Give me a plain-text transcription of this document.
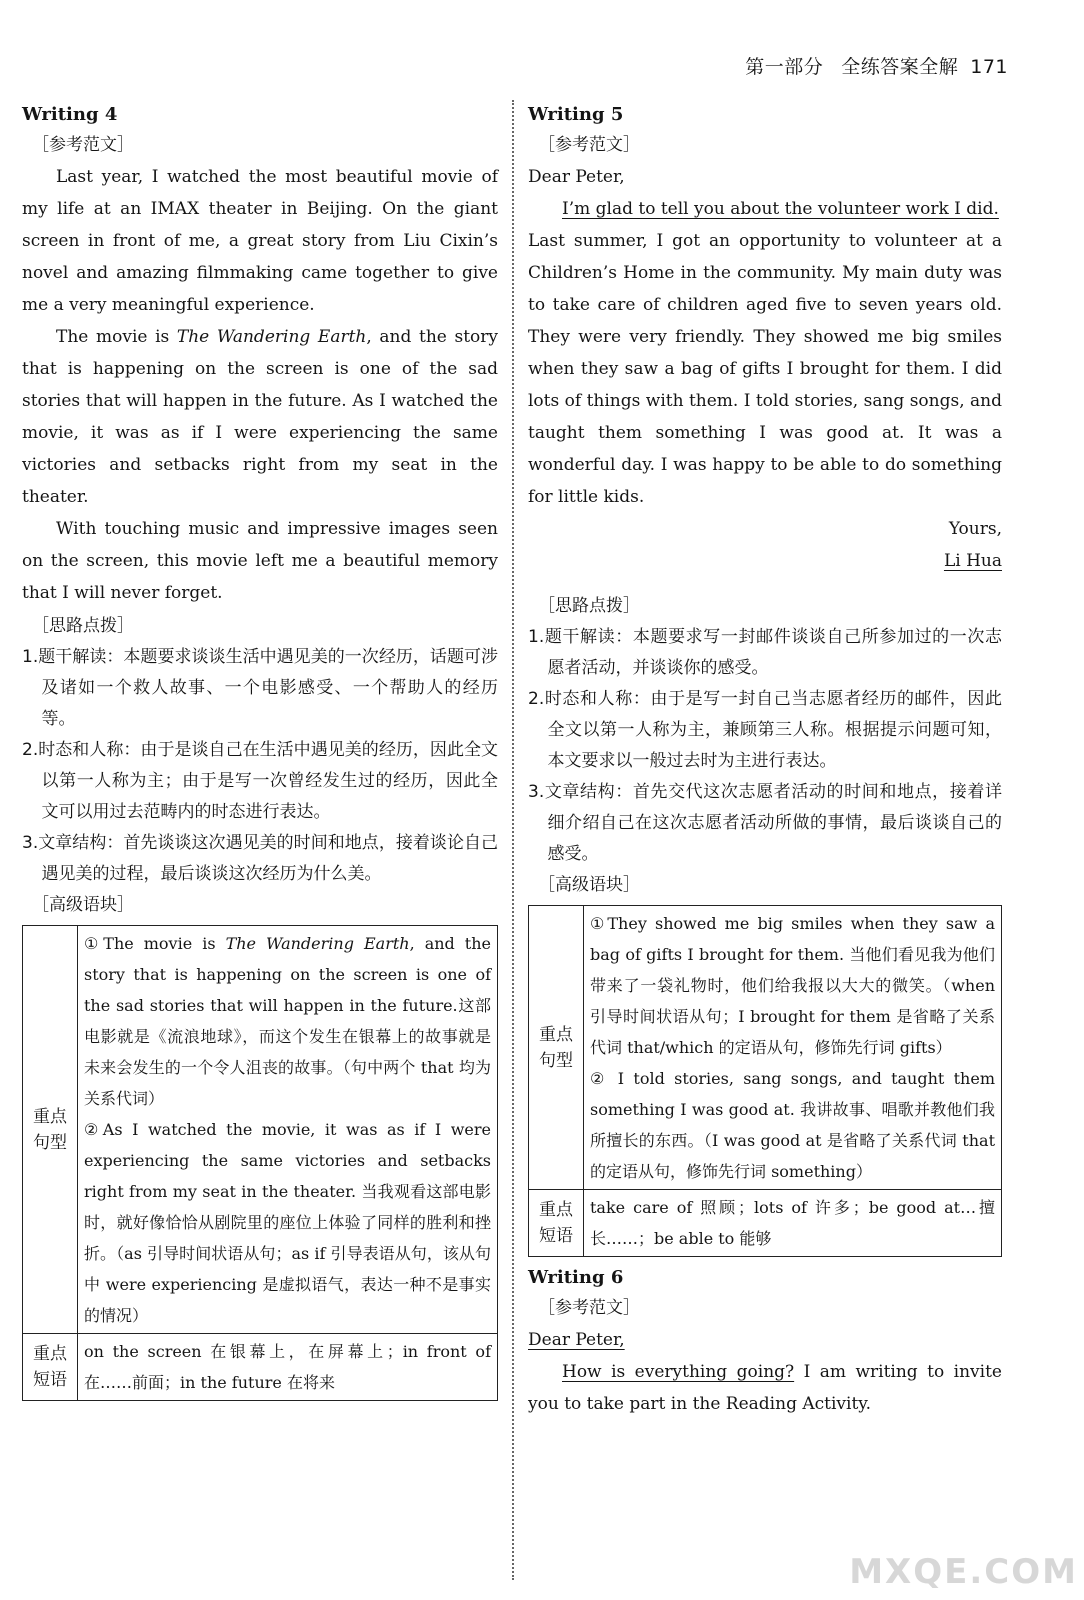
第一部分 全练答案全解 171
Writing 4
［参考范文］

Last year, I watched the most beautiful movie of my life at an IMAX theater in Beijing. On the giant screen in front of me, a great story from Liu Cixin’s novel and amazing filmmaking came together to give me a very meaningful experience.

The movie is The Wandering Earth, and the story that is happening on the screen is one of the sad stories that will happen in the future. As I watched the movie, it was as if I were experiencing the same victories and setbacks right from my seat in the theater.

With touching music and impressive images seen on the screen, this movie left me a beautiful memory that I will never forget.

［思路点拨］
1.题干解读：本题要求谈谈生活中遇见美的一次经历，话题可涉及诸如一个救人故事、一个电影感受、一个帮助人的经历等。
2.时态和人称：由于是谈自己在生活中遇见美的经历，因此全文以第一人称为主；由于是写一次曾经发生过的经历，因此全文可以用过去范畴内的时态进行表达。
3.文章结构：首先谈谈这次遇见美的时间和地点，接着谈论自己遇见美的过程，最后谈谈这次经历为什么美。
［高级语块］
重点句型	①The movie is The Wandering Earth, and the story that is happening on the screen is one of the sad stories that will happen in the future.这部电影就是《流浪地球》，而这个发生在银幕上的故事就是未来会发生的一个令人沮丧的故事。（句中两个 that 均为关系代词）
②As I watched the movie, it was as if I were experiencing the same victories and setbacks right from my seat in the theater. 当我观看这部电影时，就好像恰恰从剧院里的座位上体验了同样的胜利和挫折。（as 引导时间状语从句；as if 引导表语从句，该从句中 were experiencing 是虚拟语气，表达一种不是事实的情况）

重点短语	on the screen 在银幕上，在屏幕上；in front of 在……前面；in the future 在将来
Writing 5
［参考范文］

Dear Peter,

I’m glad to tell you about the volunteer work I did.

Last summer, I got an opportunity to volunteer at a Children’s Home in the community. My main duty was to take care of children aged five to seven years old. They were very friendly. They showed me big smiles when they saw a bag of gifts I brought for them. I did lots of things with them. I told stories, sang songs, and taught them something I was good at. It was a wonderful day. I was happy to be able to do something for little kids.

Yours,

Li Hua

［思路点拨］
1.题干解读：本题要求写一封邮件谈谈自己所参加过的一次志愿者活动，并谈谈你的感受。
2.时态和人称：由于是写一封自己当志愿者经历的邮件，因此全文以第一人称为主，兼顾第三人称。根据提示问题可知，本文要求以一般过去时为主进行表达。
3.文章结构：首先交代这次志愿者活动的时间和地点，接着详细介绍自己在这次志愿者活动所做的事情，最后谈谈自己的感受。
［高级语块］
重点句型	①They showed me big smiles when they saw a bag of gifts I brought for them. 当他们看见我为他们带来了一袋礼物时，他们给我报以大大的微笑。（when 引导时间状语从句；I brought for them 是省略了关系代词 that/which 的定语从句，修饰先行词 gifts）
② I told stories, sang songs, and taught them something I was good at. 我讲故事、唱歌并教他们我所擅长的东西。（I was good at 是省略了关系代词 that 的定语从句，修饰先行词 something）

重点短语	take care of 照顾；lots of 许多；be good at…擅长……；be able to 能够
Writing 6
［参考范文］

Dear Peter,

How is everything going? I am writing to invite you to take part in the Reading Activity.

MXQE.COM
